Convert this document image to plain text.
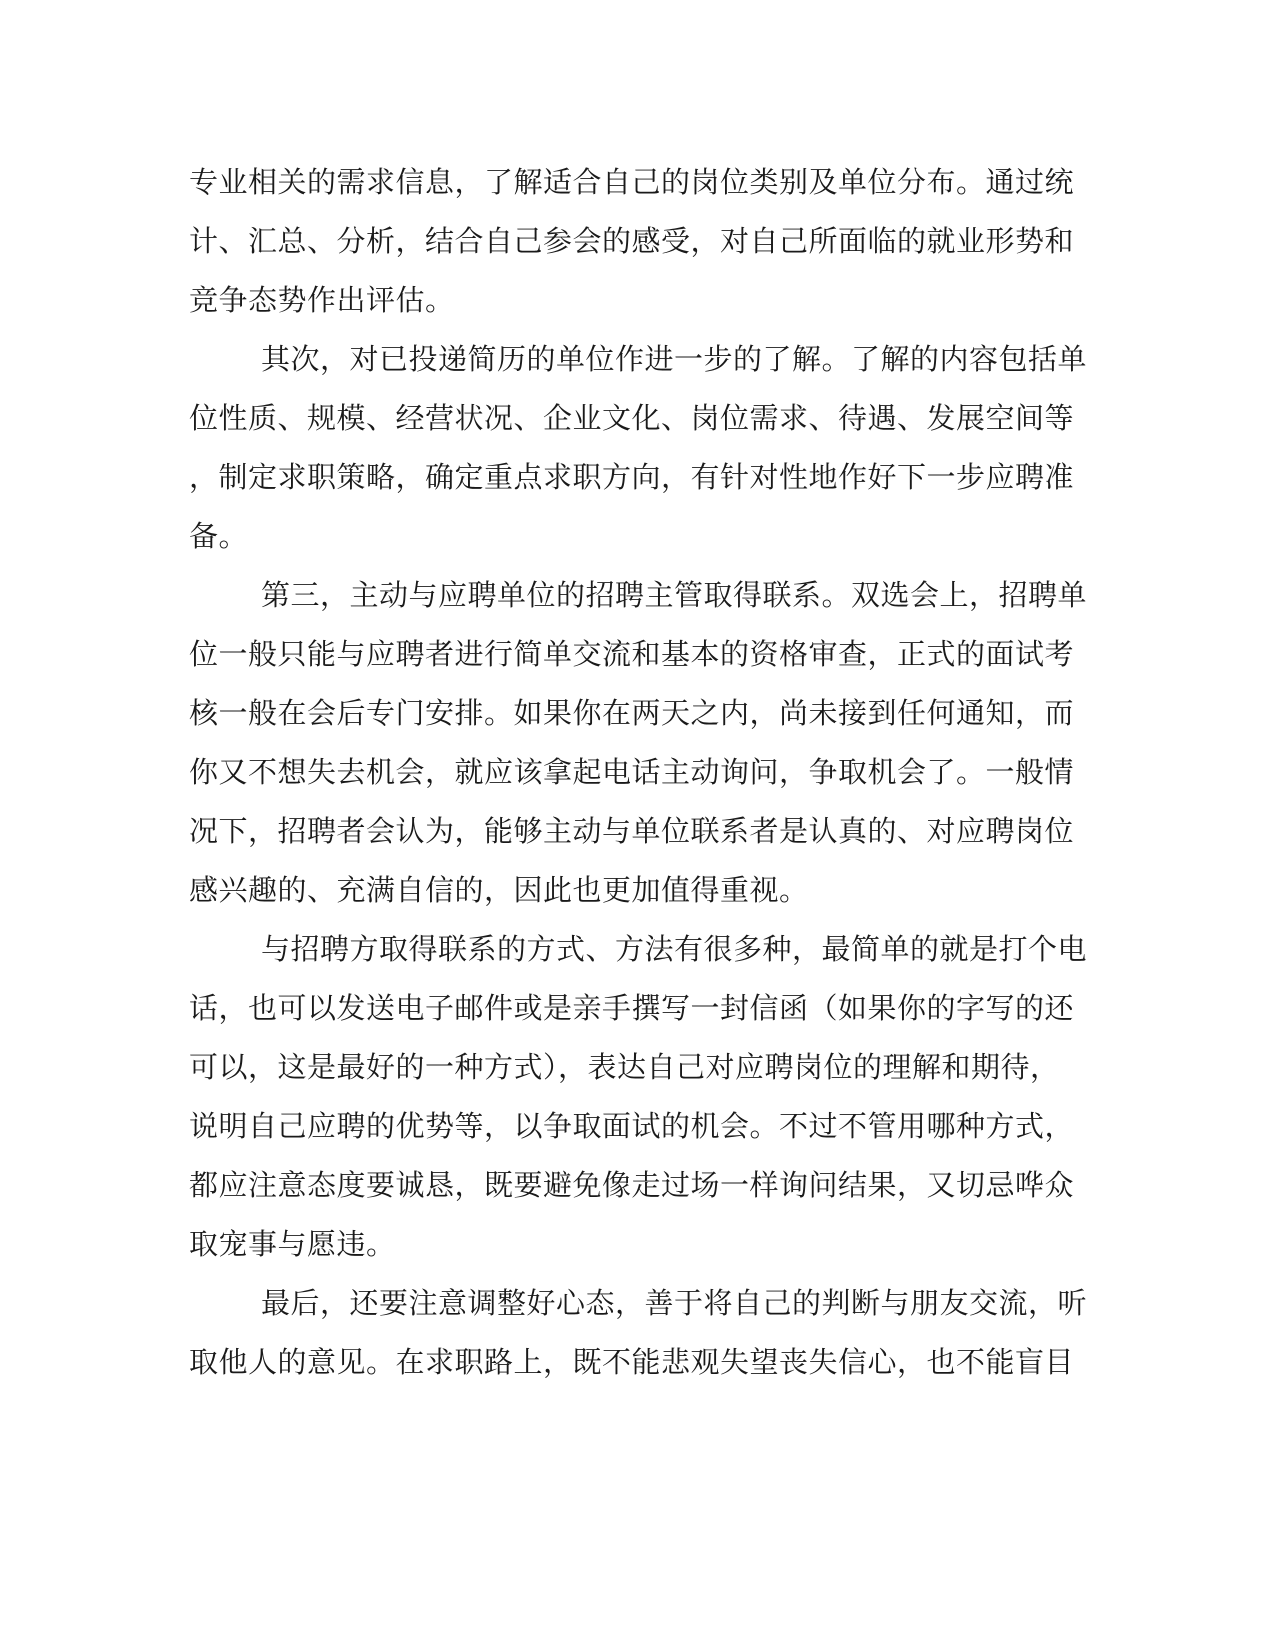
专业相关的需求信息，了解适合自己的岗位类别及单位分布。通过统
计、汇总、分析，结合自己参会的感受，对自己所面临的就业形势和
竞争态势作出评估。
其次，对已投递简历的单位作进一步的了解。了解的内容包括单
位性质、规模、经营状况、企业文化、岗位需求、待遇、发展空间等
，制定求职策略，确定重点求职方向，有针对性地作好下一步应聘准
备。
第三，主动与应聘单位的招聘主管取得联系。双选会上，招聘单
位一般只能与应聘者进行简单交流和基本的资格审查，正式的面试考
核一般在会后专门安排。如果你在两天之内，尚未接到任何通知，而
你又不想失去机会，就应该拿起电话主动询问，争取机会了。一般情
况下，招聘者会认为，能够主动与单位联系者是认真的、对应聘岗位
感兴趣的、充满自信的，因此也更加值得重视。
与招聘方取得联系的方式、方法有很多种，最简单的就是打个电
话，也可以发送电子邮件或是亲手撰写一封信函（如果你的字写的还
可以，这是最好的一种方式），表达自己对应聘岗位的理解和期待，
说明自己应聘的优势等，以争取面试的机会。不过不管用哪种方式，
都应注意态度要诚恳，既要避免像走过场一样询问结果，又切忌哗众
取宠事与愿违。
最后，还要注意调整好心态，善于将自己的判断与朋友交流，听
取他人的意见。在求职路上，既不能悲观失望丧失信心，也不能盲目
